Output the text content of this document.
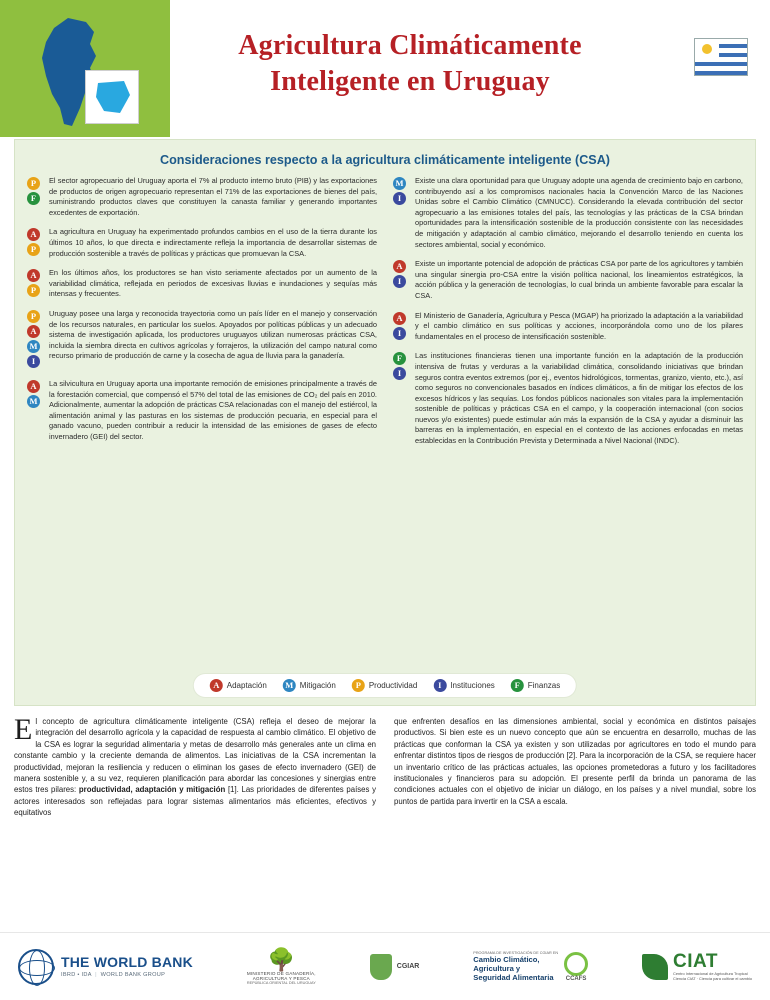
Agricultura Climáticamente
Inteligente en Uruguay
Consideraciones respecto a la agricultura climáticamente inteligente (CSA)
P
F
El sector agropecuario del Uruguay aporta el 7% al producto interno bruto (PIB) y las exportaciones de productos de origen agropecuario representan el 71% de las exportaciones de bienes del país, suministrando productos claves que constituyen la canasta familiar y generando importantes excedentes de exportación.
A
P
La agricultura en Uruguay ha experimentado profundos cambios en el uso de la tierra durante los últimos 10 años, lo que directa e indirectamente refleja la importancia de desarrollar sistemas de producción sostenible a través de políticas y prácticas que promuevan la CSA.
A
P
En los últimos años, los productores se han visto seriamente afectados por un aumento de la variabilidad climática, reflejada en periodos de excesivas lluvias e inundaciones y sequías más intensas y frecuentes.
P
A
M
I
Uruguay posee una larga y reconocida trayectoria como un país líder en el manejo y conservación de los recursos naturales, en particular los suelos. Apoyados por políticas públicas y un adecuado sistema de investigación aplicada, los productores uruguayos utilizan numerosas prácticas CSA, incluida la siembra directa en cultivos agrícolas y forrajeros, la utilización del campo natural como recurso primario de producción de carne y la cosecha de agua de lluvia para la ganadería.
A
M
La silvicultura en Uruguay aporta una importante remoción de emisiones principalmente a través de la forestación comercial, que compensó el 57% del total de las emisiones de CO₂ del país en 2010. Adicionalmente, aumentar la adopción de prácticas CSA relacionadas con el manejo del estiércol, la alimentación animal y las pasturas en los sistemas de producción pecuaria, en especial para el ganado vacuno, pueden contribuir a reducir la intensidad de las emisiones de gases de efecto invernadero (GEI) del sector.
M
I
Existe una clara oportunidad para que Uruguay adopte una agenda de crecimiento bajo en carbono, contribuyendo así a los compromisos nacionales hacia la Convención Marco de las Naciones Unidas sobre el Cambio Climático (CMNUCC). Considerando la elevada contribución del sector agropecuario a las emisiones totales del país, las tecnologías y las prácticas de la CSA brindan oportunidades para la intensificación sostenible de la producción consistente con las necesidades de mitigación y adaptación al cambio climático, mejorando el desarrollo teniendo en cuenta los sectores ambiental, social y económico.
A
I
Existe un importante potencial de adopción de prácticas CSA por parte de los agricultores y también una singular sinergia pro-CSA entre la visión política nacional, los lineamientos estratégicos, la acción pública y la generación de tecnologías, lo cual brinda un ambiente favorable para escalar la CSA.
A
I
El Ministerio de Ganadería, Agricultura y Pesca (MGAP) ha priorizado la adaptación a la variabilidad y el cambio climático en sus políticas y acciones, incorporándola como uno de los pilares fundamentales en el proceso de intensificación sostenible.
F
I
Las instituciones financieras tienen una importante función en la adaptación de la producción intensiva de frutas y verduras a la variabilidad climática, consolidando iniciativas que brindan seguros contra eventos extremos (por ej., eventos hidrológicos, tormentas, granizo, viento, etc.), así como seguros no convencionales basados en índices climáticos, a fin de mitigar los efectos de los excesos hídricos y las sequías. Los fondos públicos nacionales son vitales para la implementación sostenible de políticas y prácticas CSA en el campo, y la cooperación internacional (con socios nuevos y/o existentes) puede estimular aún más la expansión de la CSA y ayudar a disminuir las barreras en la implementación, en especial en el contexto de las acciones enfocadas en metas establecidas en la Contribución Prevista y Determinada a Nivel Nacional (INDC).
A Adaptación M Mitigación	P Productividad	I	Instituciones	F Finanzas

El concepto de agricultura climáticamente inteligente (CSA) refleja el deseo de mejorar la integración del desarrollo agrícola y la capacidad de respuesta al cambio climático. El objetivo de la CSA es lograr la seguridad alimentaria y metas de desarrollo más generales ante un clima en constante cambio y la creciente demanda de alimentos. Las iniciativas de la CSA incrementan la productividad, mejoran la resiliencia y reducen o eliminan los gases de efecto invernadero (GEI) de manera sostenible y, a su vez, requieren planificación para abordar las concesiones y sinergias entre estos tres pilares: productividad, adaptación y mitigación [1]. Las prioridades de diferentes países y actores interesados son reflejadas para lograr sistemas alimentarios más eficientes, efectivos y equitativos

que enfrenten desafíos en las dimensiones ambiental, social y económica en distintos paisajes productivos. Si bien este es un nuevo concepto que aún se encuentra en desarrollo, muchas de las prácticas que conforman la CSA ya existen y son utilizadas por agricultores en todo el mundo para enfrentar distintos tipos de riesgos de producción [2]. Para la incorporación de la CSA, se requiere hacer un inventario crítico de las prácticas actuales, las opciones prometedoras a futuro y los facilitadores institucionales y financieros para su adopción. El presente perfil da brinda un panorama de las condiciones actuales con el objetivo de iniciar un diálogo, en los países y a nivel mundial, sobre los puntos de partida para invertir en la CSA a escala.

THE WORLD BANK
IBRD • IDA  |  WORLD BANK GROUP
🌳
MINISTERIO DE GANADERÍA,
AGRICULTURA Y PESCA
REPÚBLICA ORIENTAL DEL URUGUAY
CGIAR
PROGRAMA DE INVESTIGACIÓN DE CGIAR EN
Cambio Climático,
Agricultura y
Seguridad Alimentaria	CCAFS
CIAT
Centro Internacional de Agricultura Tropical
Ciencia CIAT · Ciencia para cultivar el cambio
